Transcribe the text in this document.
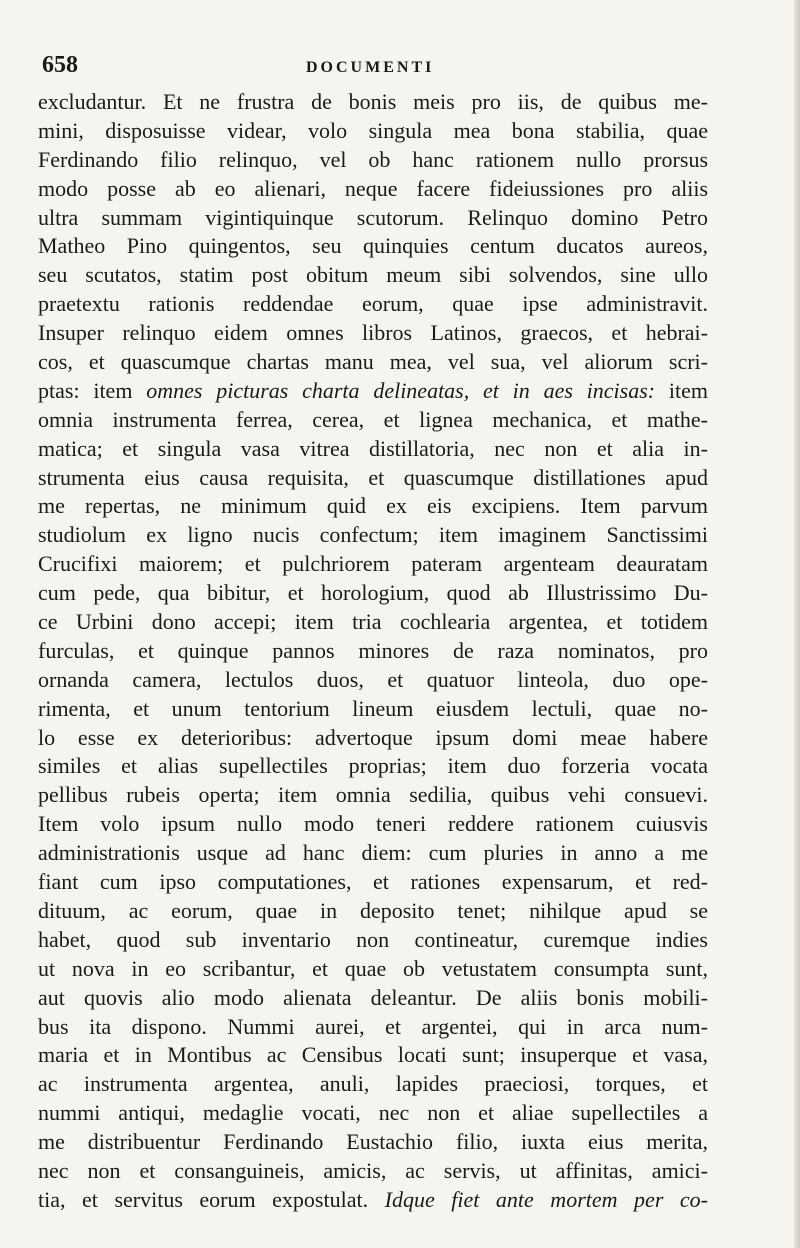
658	DOCUMENTI
excludantur. Et ne frustra de bonis meis pro iis, de quibus me-
mini, disposuisse videar, volo singula mea bona stabilia, quae
Ferdinando filio relinquo, vel ob hanc rationem nullo prorsus
modo posse ab eo alienari, neque facere fideiussiones pro aliis
ultra summam vigintiquinque scutorum. Relinquo domino Petro
Matheo Pino quingentos, seu quinquies centum ducatos aureos,
seu scutatos, statim post obitum meum sibi solvendos, sine ullo
praetextu rationis reddendae eorum, quae ipse administravit.
Insuper relinquo eidem omnes libros Latinos, graecos, et hebrai-
cos, et quascumque chartas manu mea, vel sua, vel aliorum scri-
ptas: item omnes picturas charta delineatas, et in aes incisas: item
omnia instrumenta ferrea, cerea, et lignea mechanica, et mathe-
matica; et singula vasa vitrea distillatoria, nec non et alia in-
strumenta eius causa requisita, et quascumque distillationes apud
me repertas, ne minimum quid ex eis excipiens. Item parvum
studiolum ex ligno nucis confectum; item imaginem Sanctissimi
Crucifixi maiorem; et pulchriorem pateram argenteam deauratam
cum pede, qua bibitur, et horologium, quod ab Illustrissimo Du-
ce Urbini dono accepi; item tria cochlearia argentea, et totidem
furculas, et quinque pannos minores de raza nominatos, pro
ornanda camera, lectulos duos, et quatuor linteola, duo ope-
rimenta, et unum tentorium lineum eiusdem lectuli, quae no-
lo esse ex deterioribus: advertoque ipsum domi meae habere
similes et alias supellectiles proprias; item duo forzeria vocata
pellibus rubeis operta; item omnia sedilia, quibus vehi consuevi.
Item volo ipsum nullo modo teneri reddere rationem cuiusvis
administrationis usque ad hanc diem: cum pluries in anno a me
fiant cum ipso computationes, et rationes expensarum, et red-
dituum, ac eorum, quae in deposito tenet; nihilque apud se
habet, quod sub inventario non contineatur, curemque indies
ut nova in eo scribantur, et quae ob vetustatem consumpta sunt,
aut quovis alio modo alienata deleantur. De aliis bonis mobili-
bus ita dispono. Nummi aurei, et argentei, qui in arca num-
maria et in Montibus ac Censibus locati sunt; insuperque et vasa,
ac instrumenta argentea, anuli, lapides praeciosi, torques, et
nummi antiqui, medaglie vocati, nec non et aliae supellectiles a
me distribuentur Ferdinando Eustachio filio, iuxta eius merita,
nec non et consanguineis, amicis, ac servis, ut affinitas, amici-
tia, et servitus eorum expostulat. Idque fiet ante mortem per co-
